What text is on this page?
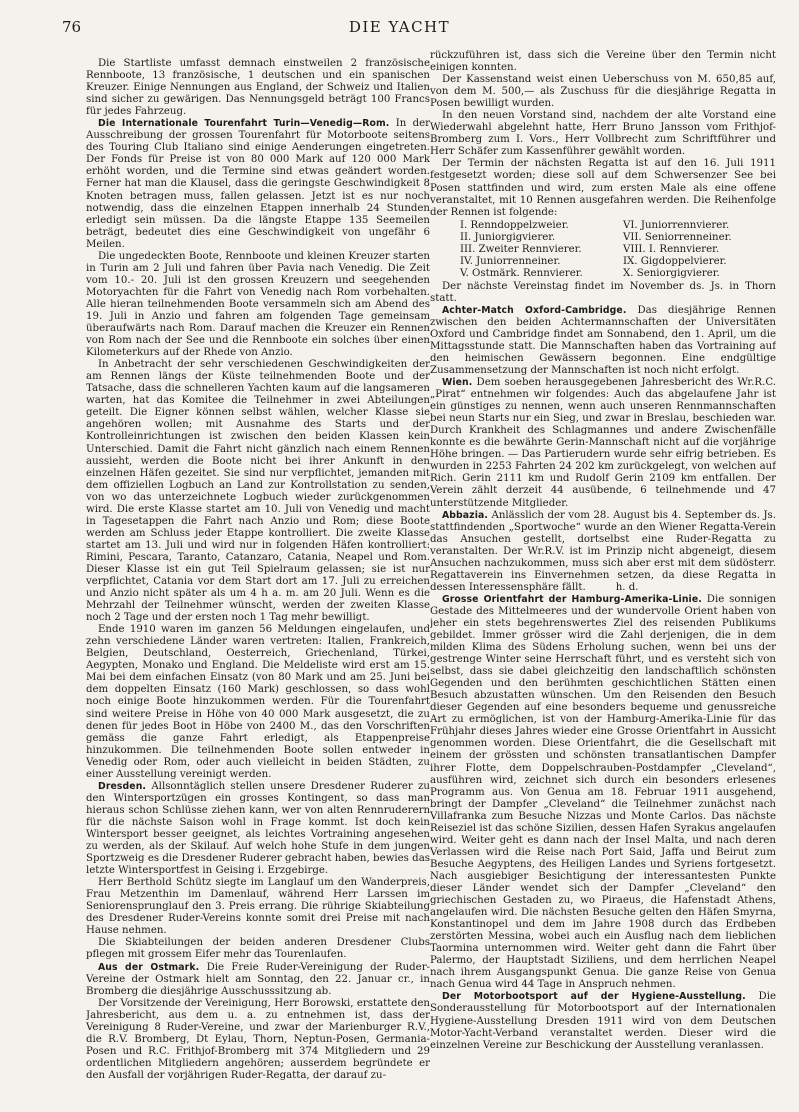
76	DIE YACHT

Die Startliste umfasst demnach einstweilen 2 französische Rennboote, 13 französische, 1 deutschen und ein spanischen Kreuzer. Einige Nennungen aus England, der Schweiz und Italien sind sicher zu gewärigen. Das Nennungsgeld beträgt 100 Francs für jedes Fahrzeug.

Die Internationale Tourenfahrt Turin—Venedig—Rom. In der Ausschreibung der grossen Tourenfahrt für Motorboote seitens des Touring Club Italiano sind einige Aenderungen eingetreten. Der Fonds für Preise ist von 80 000 Mark auf 120 000 Mark erhöht worden, und die Termine sind etwas geändert worden. Ferner hat man die Klausel, dass die geringste Geschwindigkeit 8 Knoten betragen muss, fallen gelassen. Jetzt ist es nur noch notwendig, dass die einzelnen Etappen innerhalb 24 Stunden erledigt sein müssen. Da die längste Etappe 135 Seemeilen beträgt, bedeutet dies eine Geschwindigkeit von ungefähr 6 Meilen.

Die ungedeckten Boote, Rennboote und kleinen Kreuzer starten in Turin am 2 Juli und fahren über Pavia nach Venedig. Die Zeit vom 10.- 20. Juli ist den grossen Kreuzern und seegehenden Motoryachten für die Fahrt von Venedig nach Rom vorbehalten. Alle hieran teilnehmenden Boote versammeln sich am Abend des 19. Juli in Anzio und fahren am folgenden Tage gemeinsam überaufwärts nach Rom. Darauf machen die Kreuzer ein Rennen von Rom nach der See und die Rennboote ein solches über einen Kilometerkurs auf der Rhede von Anzio.

In Anbetracht der sehr verschiedenen Geschwindigkeiten der am Rennen längs der Küste teilnehmenden Boote und der Tatsache, dass die schnelleren Yachten kaum auf die langsameren warten, hat das Komitee die Teilnehmer in zwei Abteilungen geteilt. Die Eigner können selbst wählen, welcher Klasse sie angehören wollen; mit Ausnahme des Starts und der Kontrolleinrichtungen ist zwischen den beiden Klassen kein Unterschied. Damit die Fahrt nicht gänzlich nach einem Rennen aussieht, werden die Boote nicht bei ihrer Ankunft in den einzelnen Häfen gezeitet. Sie sind nur verpflichtet, jemanden mit dem offiziellen Logbuch an Land zur Kontrollstation zu senden, von wo das unterzeichnete Logbuch wieder zurückgenommen wird. Die erste Klasse startet am 10. Juli von Venedig und macht in Tagesetappen die Fahrt nach Anzio und Rom; diese Boote werden am Schluss jeder Etappe kontrolliert. Die zweite Klasse startet am 13. Juli und wird nur in folgenden Häfen kontrolliert: Rimini, Pescara, Taranto, Catanzaro, Catania, Neapel und Rom. Dieser Klasse ist ein gut Teil Spielraum gelassen; sie ist nur verpflichtet, Catania vor dem Start dort am 17. Juli zu erreichen und Anzio nicht später als um 4 h a. m. am 20 Juli. Wenn es die Mehrzahl der Teilnehmer wünscht, werden der zweiten Klasse noch 2 Tage und der ersten noch 1 Tag mehr bewilligt.

Ende 1910 waren im ganzen 56 Meldungen eingelaufen, und zehn verschiedene Länder waren vertreten: Italien, Frankreich, Belgien, Deutschland, Oesterreich, Griechenland, Türkei, Aegypten, Monako und England. Die Meldeliste wird erst am 15. Mai bei dem einfachen Einsatz (von 80 Mark und am 25. Juni bei dem doppelten Einsatz (160 Mark) geschlossen, so dass wohl noch einige Boote hinzukommen werden. Für die Tourenfahrt sind weitere Preise in Höhe von 40 000 Mark ausgesetzt, die zu denen für jedes Boot in Höbe von 2400 M., das den Vorschriften gemäss die ganze Fahrt erledigt, als Etappenpreise hinzukommen. Die teilnehmenden Boote sollen entweder in Venedig oder Rom, oder auch vielleicht in beiden Städten, zu einer Ausstellung vereinigt werden.

Dresden. Allsonntäglich stellen unsere Dresdener Ruderer zu den Wintersportzügen ein grosses Kontingent, so dass man hieraus schon Schlüsse ziehen kann, wer von alten Rennruderern für die nächste Saison wohl in Frage kommt. Ist doch kein Wintersport besser geeignet, als leichtes Vortraining angesehen zu werden, als der Skilauf. Auf welch hohe Stufe in dem jungen Sportzweig es die Dresdener Ruderer gebracht haben, bewies das letzte Wintersportfest in Geising i. Erzgebirge.

Herr Berthold Schütz siegte im Langlauf um den Wanderpreis, Frau Metzenthin im Damenlauf, während Herr Larssen im Seniorensprunglauf den 3. Preis errang. Die rührige Skiabteilung des Dresdener Ruder-Vereins konnte somit drei Preise mit nach Hause nehmen.

Die Skiabteilungen der beiden anderen Dresdener Clubs pflegen mit grossem Eifer mehr das Tourenlaufen.

Aus der Ostmark. Die Freie Ruder-Vereinigung der Ruder-Vereine der Ostmark hielt am Sonntag, den 22. Januar cr., in Bromberg die diesjährige Ausschusssitzung ab.

Der Vorsitzende der Vereinigung, Herr Borowski, erstattete den Jahresbericht, aus dem u. a. zu entnehmen ist, dass der Vereinigung 8 Ruder-Vereine, und zwar der Marienburger R.V., die R.V. Bromberg, Dt Eylau, Thorn, Neptun-Posen, Germania-Posen und R.C. Frithjof-Bromberg mit 374 Mitgliedern und 29 ordentlichen Mitgliedern angehören; ausserdem begründete er den Ausfall der vorjährigen Ruder-Regatta, der darauf zu-

rückzuführen ist, dass sich die Vereine über den Termin nicht einigen konnten.

Der Kassenstand weist einen Ueberschuss von M. 650,85 auf, von dem M. 500,— als Zuschuss für die diesjährige Regatta in Posen bewilligt wurden.

In den neuen Vorstand sind, nachdem der alte Vorstand eine Wiederwahl abgelehnt hatte, Herr Bruno Jansson vom Frithjof-Bromberg zum I. Vors., Herr Vollbrecht zum Schriftführer und Herr Schäfer zum Kassenführer gewählt worden.

Der Termin der nächsten Regatta ist auf den 16. Juli 1911 festgesetzt worden; diese soll auf dem Schwersenzer See bei Posen stattfinden und wird, zum ersten Male als eine offene veranstaltet, mit 10 Rennen ausgefahren werden. Die Reihenfolge der Rennen ist folgende:

I. Renndoppelzweier.	VI. Juniorrennvierer.
II. Juniorgigvierer.	VII. Seniorrenneiner.
III. Zweiter Rennvierer.	VIII. I. Rennvierer.
IV. Juniorrenneiner.	IX. Gigdoppelvierer.
V. Ostmärk. Rennvierer.	X. Seniorgigvierer.

Der nächste Vereinstag findet im November ds. Js. in Thorn statt.

Achter-Match Oxford-Cambridge. Das diesjährige Rennen zwischen den beiden Achtermannschaften der Universitäten Oxford und Cambridge findet am Sonnabend, den 1. April, um die Mittagsstunde statt. Die Mannschaften haben das Vortraining auf den heimischen Gewässern begonnen. Eine endgültige Zusammensetzung der Mannschaften ist noch nicht erfolgt.

Wien. Dem soeben herausgegebenen Jahresbericht des Wr.R.C. „Pirat“ entnehmen wir folgendes: Auch das abgelaufene Jahr ist ein günstiges zu nennen, wenn auch unseren Rennmannschaften bei neun Starts nur ein Sieg, und zwar in Breslau, beschieden war. Durch Krankheit des Schlagmannes und andere Zwischenfälle konnte es die bewährte Gerin-Mannschaft nicht auf die vorjährige Höhe bringen. — Das Partierudern wurde sehr eifrig betrieben. Es wurden in 2253 Fahrten 24 202 km zurückgelegt, von welchen auf Rich. Gerin 2111 km und Rudolf Gerin 2109 km entfallen. Der Verein zählt derzeit 44 ausübende, 6 teilnehmende und 47 unterstützende Mitglieder.

Abbazia. Anlässlich der vom 28. August bis 4. September ds. Js. stattfindenden „Sportwoche“ wurde an den Wiener Regatta-Verein das Ansuchen gestellt, dortselbst eine Ruder-Regatta zu veranstalten. Der Wr.R.V. ist im Prinzip nicht abgeneigt, diesem Ansuchen nachzukommen, muss sich aber erst mit dem südösterr. Regattaverein ins Einvernehmen setzen, da diese Regatta in dessen Interessensphäre fällt.	h. d.

Grosse Orientfahrt der Hamburg-Amerika-Linie. Die sonnigen Gestade des Mittelmeeres und der wundervolle Orient haben von jeher ein stets begehrenswertes Ziel des reisenden Publikums gebildet. Immer grösser wird die Zahl derjenigen, die in dem milden Klima des Südens Erholung suchen, wenn bei uns der gestrenge Winter seine Herrschaft führt, und es versteht sich von selbst, dass sie dabei gleichzeitig den landschaftlich schönsten Gegenden und den berühmten geschichtlichen Stätten einen Besuch abzustatten wünschen. Um den Reisenden den Besuch dieser Gegenden auf eine besonders bequeme und genussreiche Art zu ermöglichen, ist von der Hamburg-Amerika-Linie für das Frühjahr dieses Jahres wieder eine Grosse Orientfahrt in Aussicht genommen worden. Diese Orientfahrt, die die Gesellschaft mit einem der grössten und schönsten transatlantischen Dampfer ihrer Flotte, dem Doppelschrauben-Postdampfer „Cleveland“, ausführen wird, zeichnet sich durch ein besonders erlesenes Programm aus. Von Genua am 18. Februar 1911 ausgehend, bringt der Dampfer „Cleveland“ die Teilnehmer zunächst nach Villafranka zum Besuche Nizzas und Monte Carlos. Das nächste Reiseziel ist das schöne Sizilien, dessen Hafen Syrakus angelaufen wird. Weiter geht es dann nach der Insel Malta, und nach deren Verlassen wird die Reise nach Port Said, Jaffa und Beirut zum Besuche Aegyptens, des Heiligen Landes und Syriens fortgesetzt. Nach ausgiebiger Besichtigung der interessantesten Punkte dieser Länder wendet sich der Dampfer „Cleveland“ den griechischen Gestaden zu, wo Piraeus, die Hafenstadt Athens, angelaufen wird. Die nächsten Besuche gelten den Häfen Smyrna, Konstantinopel und dem im Jahre 1908 durch das Erdbeben zerstörten Messina, wobei auch ein Ausflug nach dem lieblichen Taormina unternommen wird. Weiter geht dann die Fahrt über Palermo, der Hauptstadt Siziliens, und dem herrlichen Neapel nach ihrem Ausgangspunkt Genua. Die ganze Reise von Genua nach Genua wird 44 Tage in Anspruch nehmen.

Der Motorbootsport auf der Hygiene-Ausstellung. Die Sonderausstellung für Motorbootsport auf der Internationalen Hygiene-Ausstellung Dresden 1911 wird von dem Deutschen Motor-Yacht-Verband veranstaltet werden. Dieser wird die einzelnen Vereine zur Beschickung der Ausstellung veranlassen.
